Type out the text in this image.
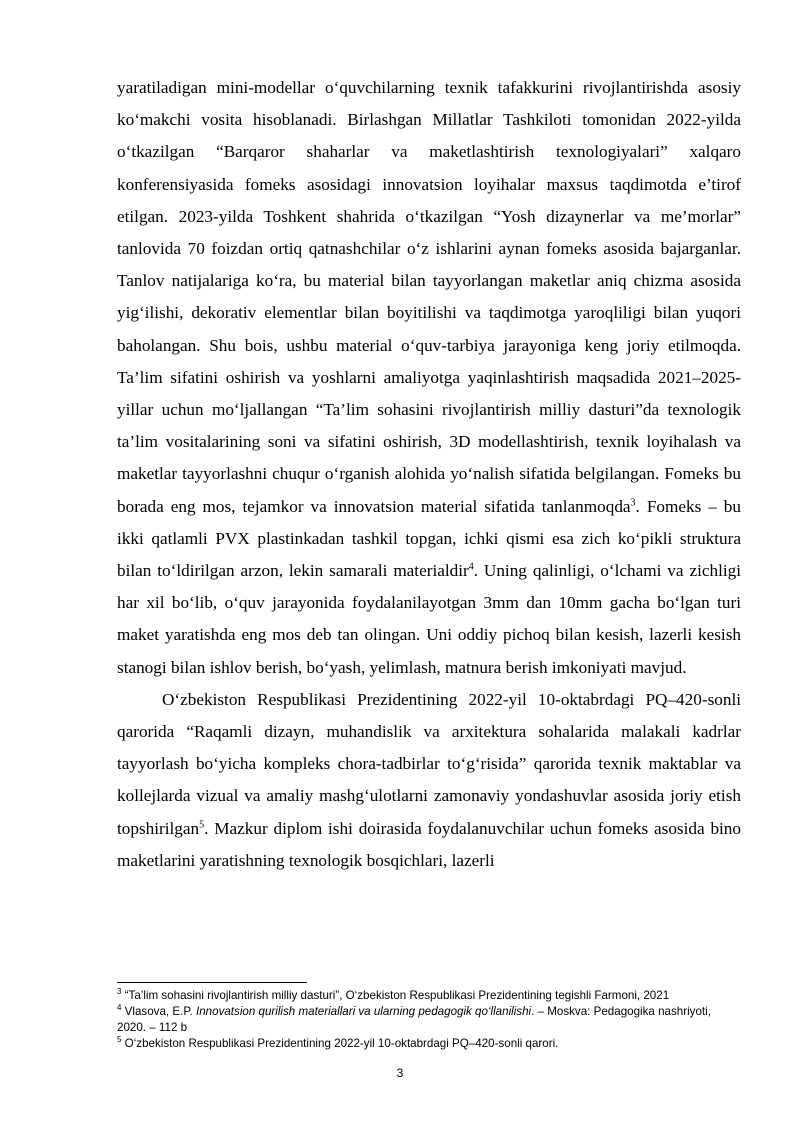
yaratiladigan mini-modellar oʻquvchilarning texnik tafakkurini rivojlantirishda asosiy koʻmakchi vosita hisoblanadi. Birlashgan Millatlar Tashkiloti tomonidan 2022-yilda oʻtkazilgan “Barqaror shaharlar va maketlashtirish texnologiyalari” xalqaro konferensiyasida fomeks asosidagi innovatsion loyihalar maxsus taqdimotda e’tirof etilgan. 2023-yilda Toshkent shahrida oʻtkazilgan “Yosh dizaynerlar va me’morlar” tanlovida 70 foizdan ortiq qatnashchilar oʻz ishlarini aynan fomeks asosida bajarganlar. Tanlov natijalariga koʻra, bu material bilan tayyorlangan maketlar aniq chizma asosida yigʻilishi, dekorativ elementlar bilan boyitilishi va taqdimotga yaroqliligi bilan yuqori baholangan. Shu bois, ushbu material oʻquv-tarbiya jarayoniga keng joriy etilmoqda. Ta’lim sifatini oshirish va yoshlarni amaliyotga yaqinlashtirish maqsadida 2021–2025-yillar uchun moʻljallangan “Ta’lim sohasini rivojlantirish milliy dasturi”da texnologik ta’lim vositalarining soni va sifatini oshirish, 3D modellashtirish, texnik loyihalash va maketlar tayyorlashni chuqur oʻrganish alohida yoʻnalish sifatida belgilangan. Fomeks bu borada eng mos, tejamkor va innovatsion material sifatida tanlanmoqda$^3$. Fomeks – bu ikki qatlamli PVX plastinkadan tashkil topgan, ichki qismi esa zich koʻpikli struktura bilan toʻldirilgan arzon, lekin samarali materialdir$^4$. Uning qalinligi, oʻlchami va zichligi har xil boʻlib, oʻquv jarayonida foydalanilayotgan 3mm dan 10mm gacha boʻlgan turi maket yaratishda eng mos deb tan olingan. Uni oddiy pichoq bilan kesish, lazerli kesish stanogi bilan ishlov berish, boʻyash, yelimlash, matnura berish imkoniyati mavjud.

Oʻzbekiston Respublikasi Prezidentining 2022-yil 10-oktabrdagi PQ–420-sonli qarorida “Raqamli dizayn, muhandislik va arxitektura sohalarida malakali kadrlar tayyorlash boʻyicha kompleks chora-tadbirlar toʻgʻrisida” qarorida texnik maktablar va kollejlarda vizual va amaliy mashgʻulotlarni zamonaviy yondashuvlar asosida joriy etish topshirilgan$^5$. Mazkur diplom ishi doirasida foydalanuvchilar uchun fomeks asosida bino maketlarini yaratishning texnologik bosqichlari, lazerli

$^3$ “Ta’lim sohasini rivojlantirish milliy dasturi”, O‘zbekiston Respublikasi Prezidentining tegishli Farmoni, 2021

$^4$ Vlasova, E.P. Innovatsion qurilish materiallari va ularning pedagogik qo‘llanilishi. – Moskva: Pedagogika nashriyoti, 2020. – 112 b

$^5$ O‘zbekiston Respublikasi Prezidentining 2022-yil 10-oktabrdagi PQ–420-sonli qarori.

3
